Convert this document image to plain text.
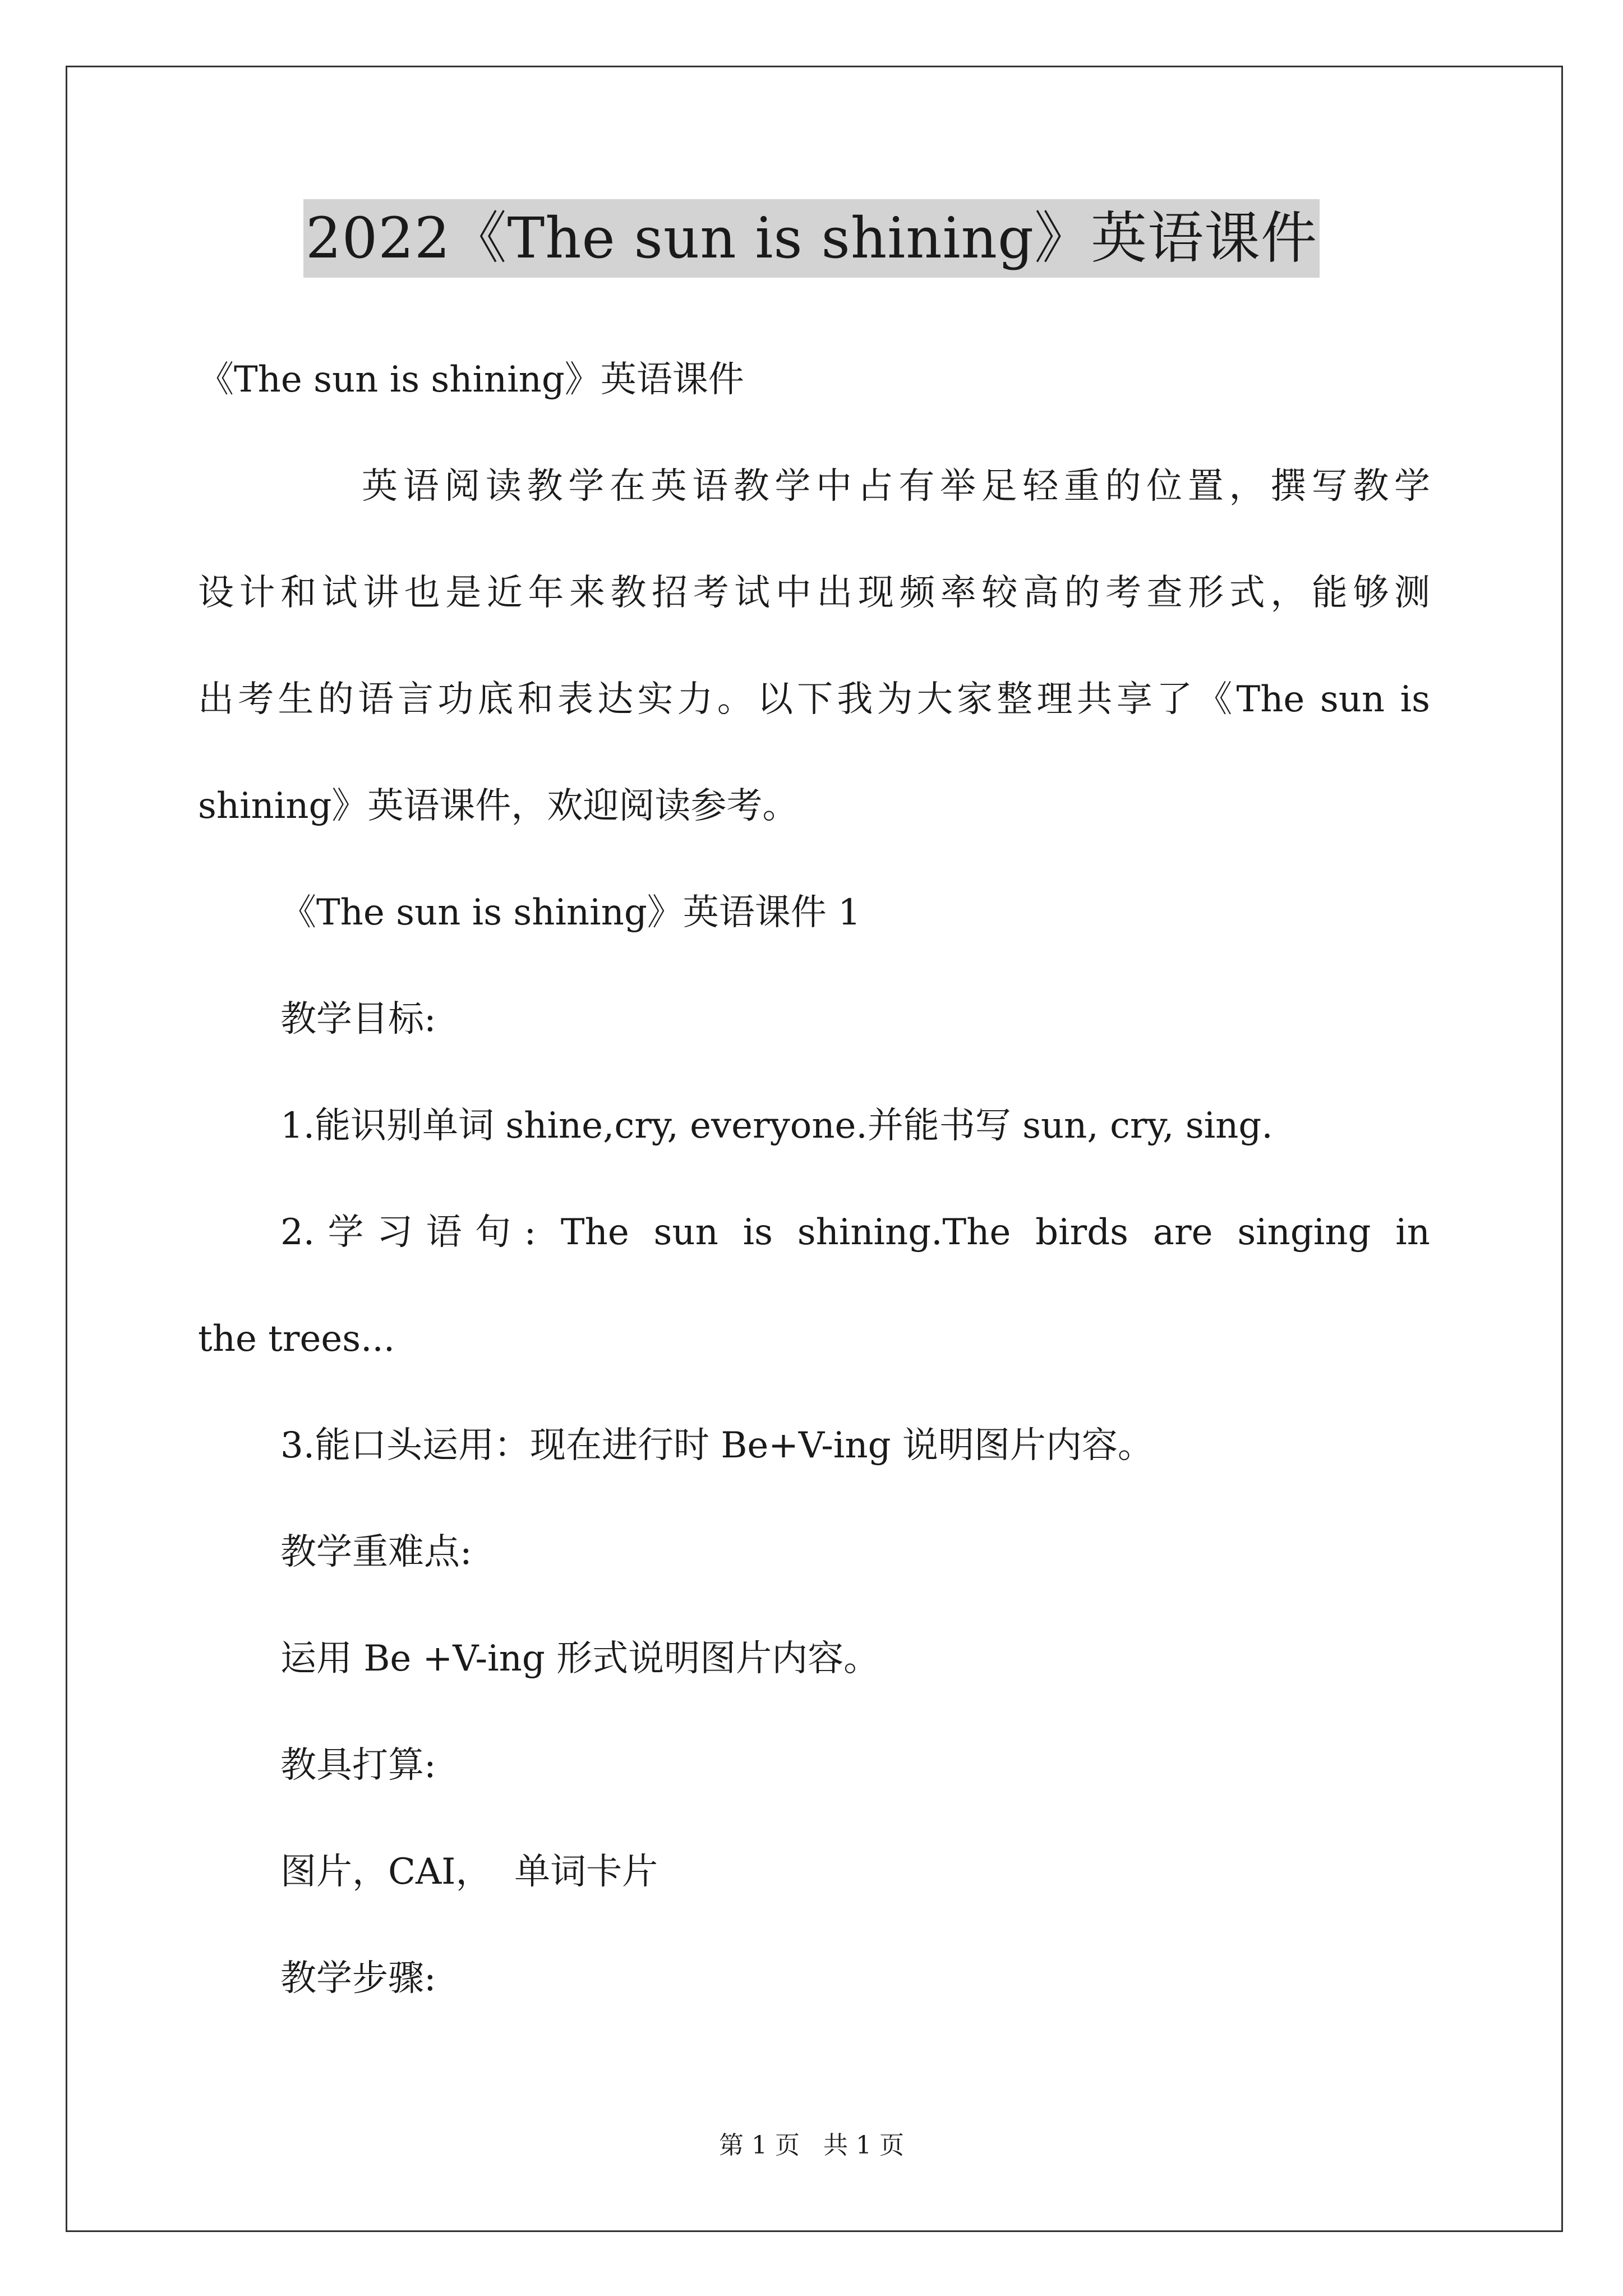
2022《The sun is shining》英语课件
《The sun is shining》英语课件
英语阅读教学在英语教学中占有举足轻重的位置，撰写教学
设计和试讲也是近年来教招考试中出现频率较高的考查形式，能够测
出考生的语言功底和表达实力。以下我为大家整理共享了《The sun is
shining》英语课件，欢迎阅读参考。
《The sun is shining》英语课件 1
教学目标:
1.能识别单词 shine,cry, everyone.并能书写 sun, cry, sing.
2.学习语句: The sun is shining.The birds are singing in
the trees...
3.能口头运用：现在进行时 Be+V-ing 说明图片内容。
教学重难点:
运用 Be +V-ing 形式说明图片内容。
教具打算:
图片，CAI，  单词卡片
教学步骤:
第 1 页   共 1 页
